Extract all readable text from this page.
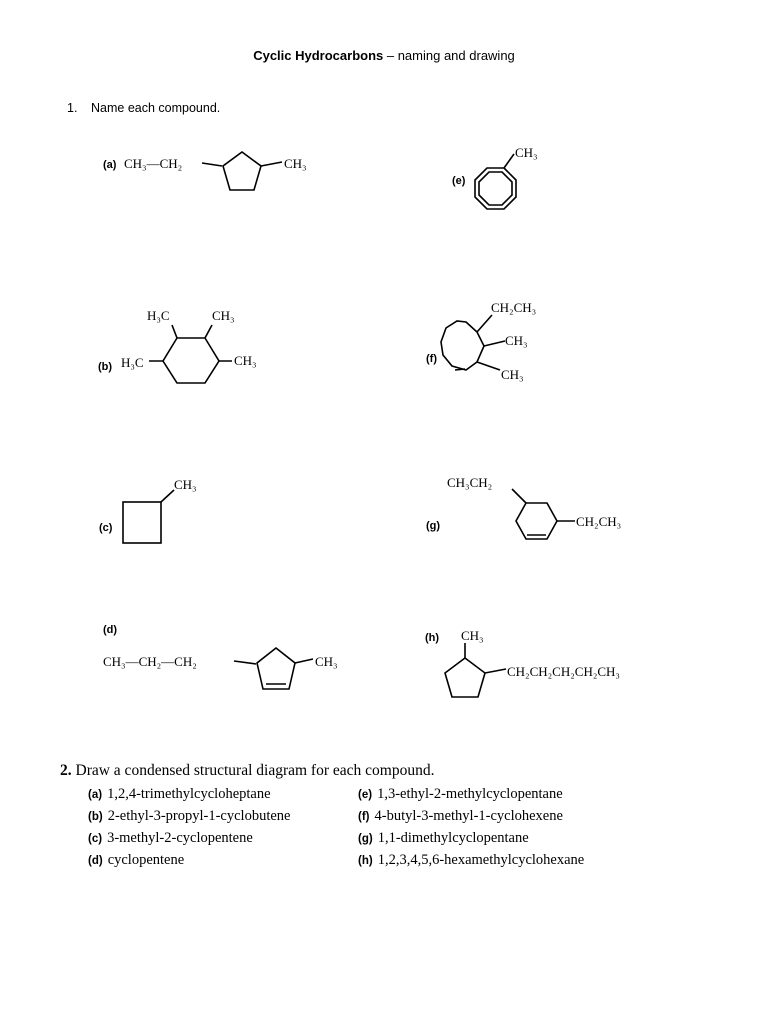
Cyclic Hydrocarbons – naming and drawing
1. Name each compound.
(a) CH₃—CH₂	CH₃
(e)
CH₃
H₃C	CH₃
(b) H₃C	CH₃
CH₂CH₃
CH₃
(f)
CH₃
CH₃
(c)
CH₃CH₂
(g)	CH₂CH₃
(d)
CH₃—CH₂—CH₂	CH₃
(h) CH₃
CH₂CH₂CH₂CH₂CH₃
2. Draw a condensed structural diagram for each compound.
(a) 1,2,4-trimethylcycloheptane	(e) 1,3-ethyl-2-methylcyclopentane
(b) 2-ethyl-3-propyl-1-cyclobutene	(f) 4-butyl-3-methyl-1-cyclohexene
(c) 3-methyl-2-cyclopentene	(g) 1,1-dimethylcyclopentane
(d) cyclopentene	(h) 1,2,3,4,5,6-hexamethylcyclohexane
